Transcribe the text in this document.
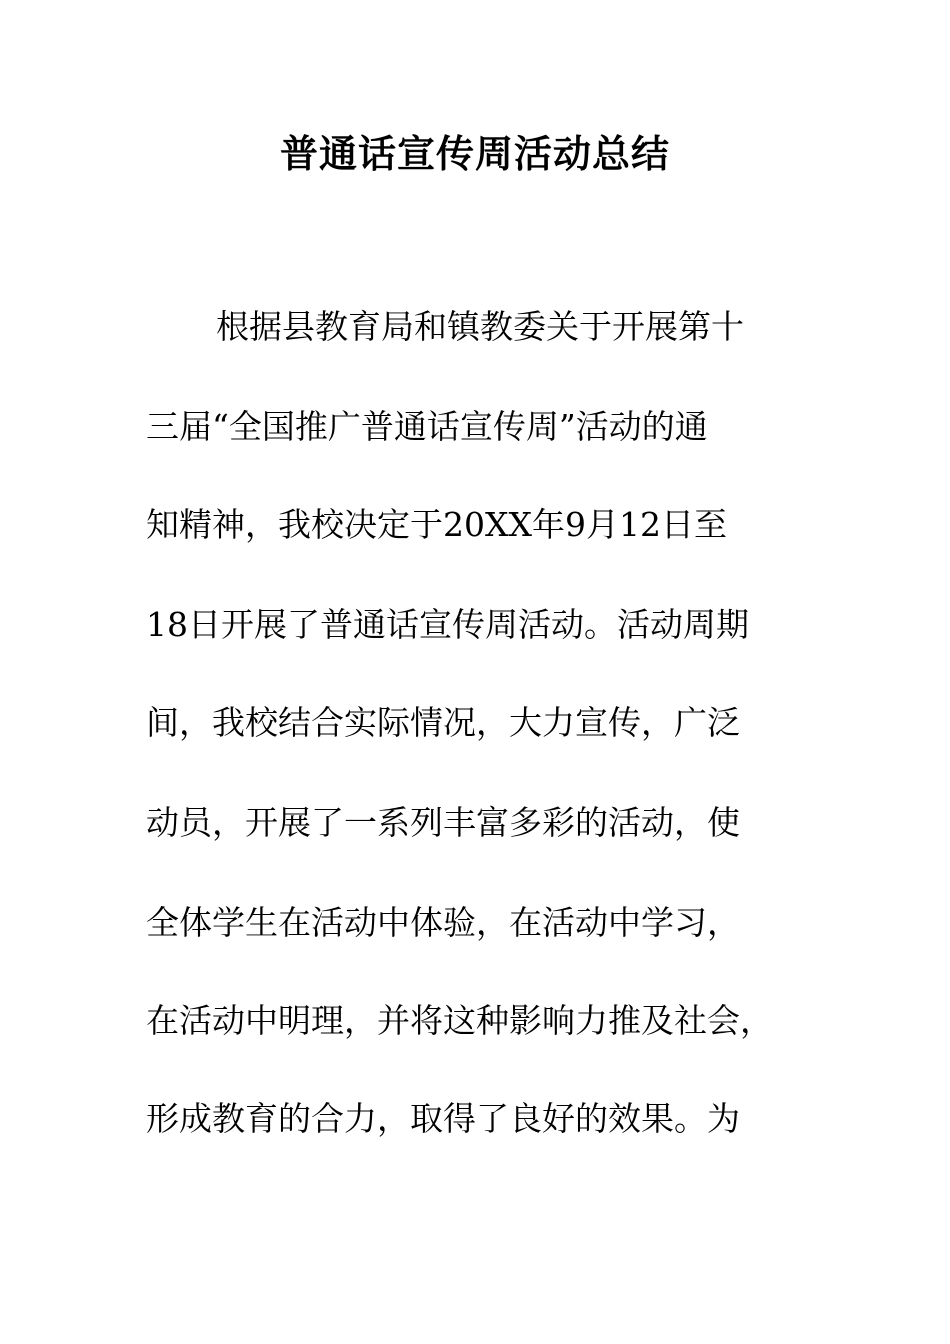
普通话宣传周活动总结

根据县教育局和镇教委关于开展第十

三届“全国推广普通话宣传周”活动的通

知精神，我校决定于20XX年9月12日至

18日开展了普通话宣传周活动。活动周期

间，我校结合实际情况，大力宣传，广泛

动员，开展了一系列丰富多彩的活动，使

全体学生在活动中体验，在活动中学习，

在活动中明理，并将这种影响力推及社会，

形成教育的合力，取得了良好的效果。为
